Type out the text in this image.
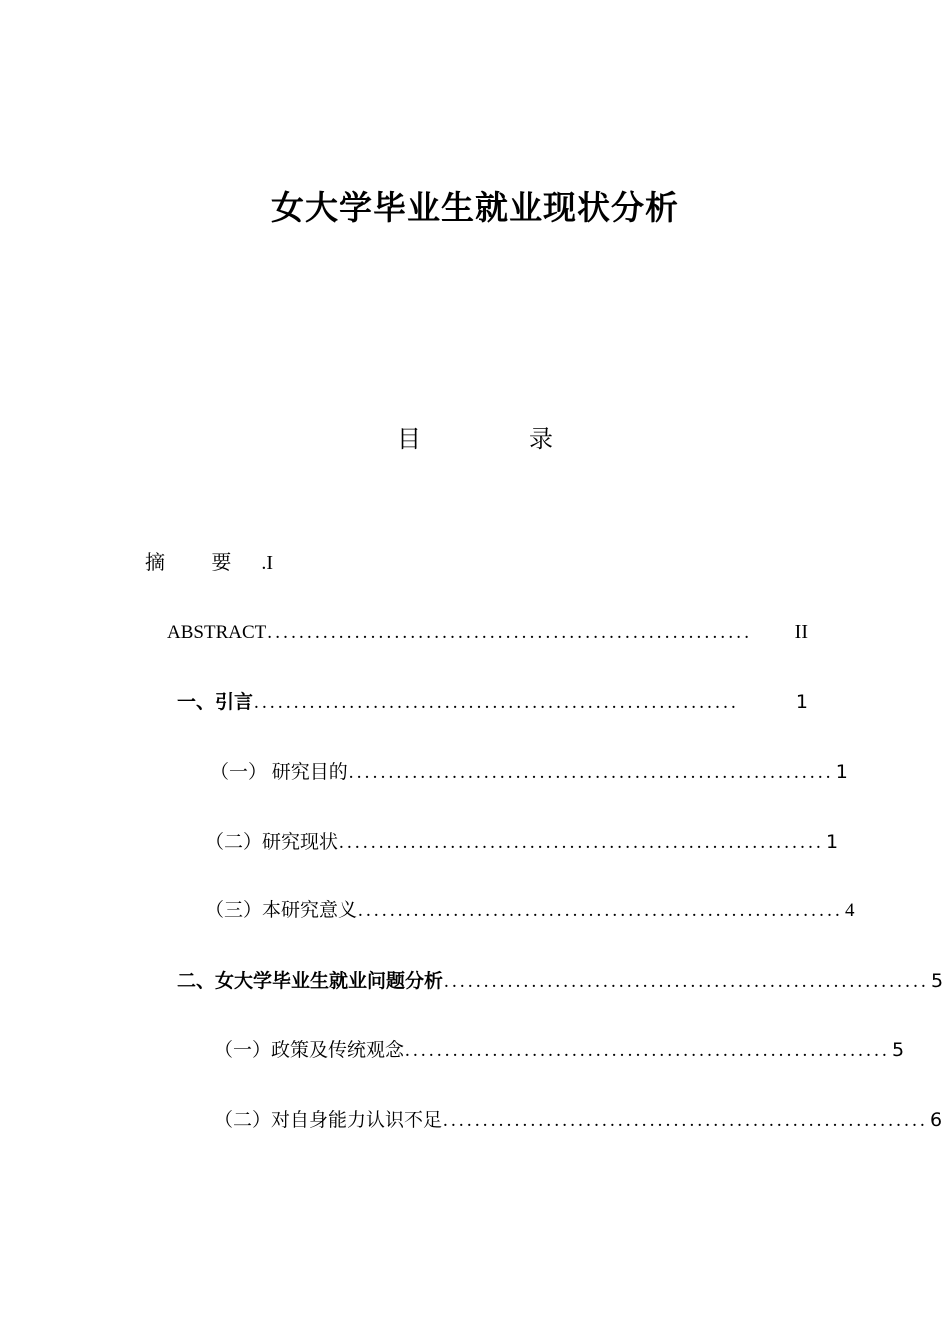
女大学毕业生就业现状分析
目　录
摘 要 .I
ABSTRACT .............................................................	II
一、引言 .............................................................	1
（一） 研究目的 ............................................................. 1
（二）研究现状 ............................................................. 1
（三）本研究意义 ............................................................. 4
二、女大学毕业生就业问题分析 ............................................................. 5
（一）政策及传统观念 ............................................................. 5
（二）对自身能力认识不足 ............................................................. 6
